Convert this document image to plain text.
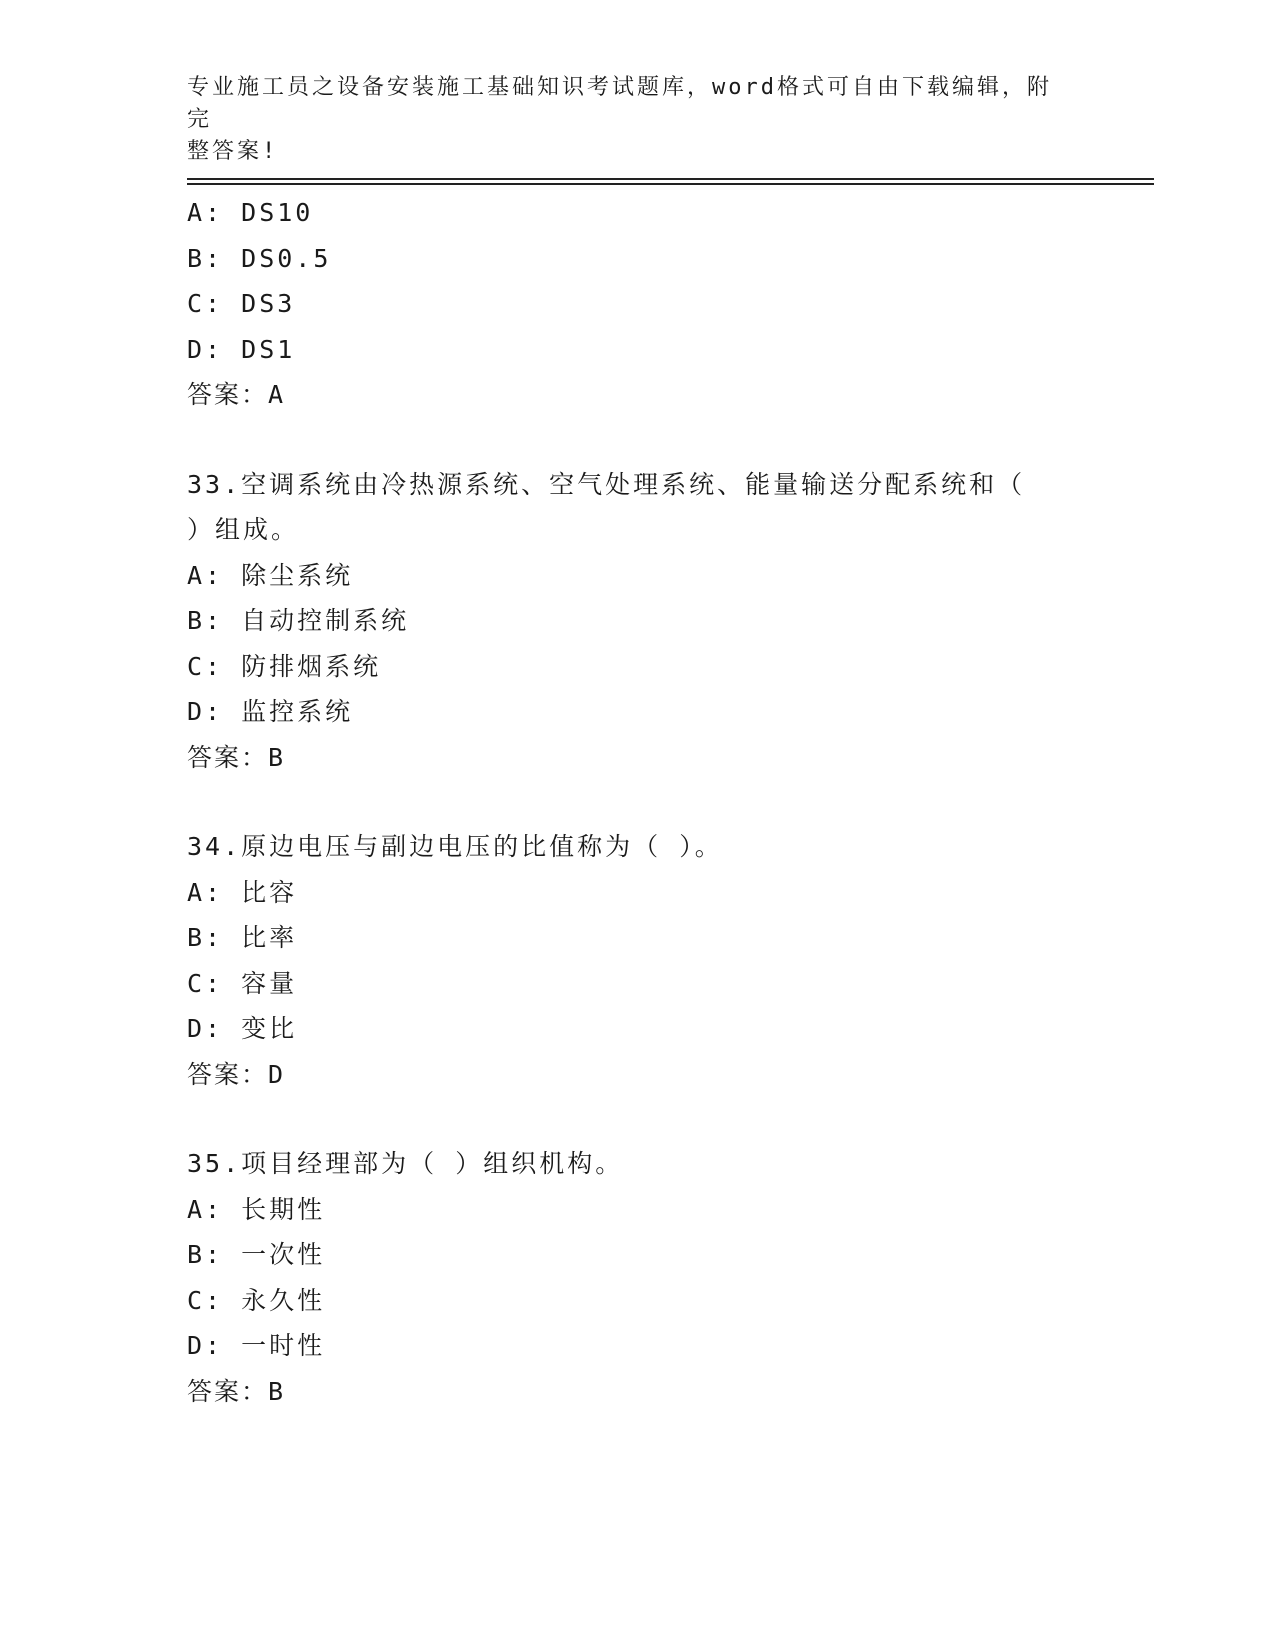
专业施工员之设备安装施工基础知识考试题库，word格式可自由下载编辑，附完
整答案!
A: DS10
B: DS0.5
C: DS3
D: DS1
答案：A
33.空调系统由冷热源系统、空气处理系统、能量输送分配系统和（
）组成。
A: 除尘系统
B: 自动控制系统
C: 防排烟系统
D: 监控系统
答案：B
34.原边电压与副边电压的比值称为（ ）。
A: 比容
B: 比率
C: 容量
D: 变比
答案：D
35.项目经理部为（ ）组织机构。
A: 长期性
B: 一次性
C: 永久性
D: 一时性
答案：B
